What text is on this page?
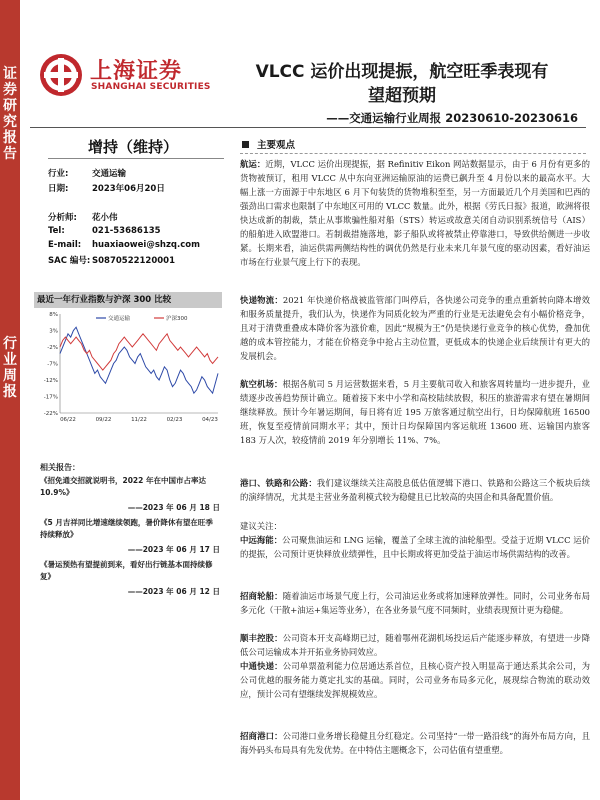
证
券
研
究
报
告
行
业
周
报
上海证券
SHANGHAI SECURITIES
VLCC 运价出现提振，航空旺季表现有
望超预期
——交通运输行业周报 20230610-20230616
增持（维持）
行业:	交通运输
日期:	2023年06月20日
分析师: 花小伟
Tel:	021-53686135
E-mail: huaxiaowei@shzq.com
SAC 编号: S0870522120001
最近一年行业指数与沪深 300 比较
8%
3%
-2%
-7%
-12%
-17%
-22%
06/22	09/22	11/22	02/23	04/23
交通运输	沪深300
相关报告：
《招免通交招就说明书，2022 年在中国市占率达 10.9%》
——2023 年 06 月 18 日
《5 月吉祥同比增速继续领跑，暑价降休有望在旺季持续释放》
——2023 年 06 月 17 日
《暑运预热有望提前到来，看好出行链基本面持续修复》
——2023 年 06 月 12 日
主要观点
航运：近期，VLCC 运价出现提振，据 Refinitiv Eikon 网站数据显示，由于 6 月份有更多的货物被预订，租用 VLCC 从中东向亚洲运输原油的运费已飙升至 4 月份以来的最高水平。大幅上涨一方面源于中东地区 6 月下旬装货的货物堆积至至，另一方面最近几个月美国和巴西的强劲出口需求也限制了中东地区可用的 VLCC 数量。此外，根据《劳氏日报》报道，欧洲将很快达成新的制裁，禁止从事欺骗性船对船（STS）转运或故意关闭自动识别系统信号（AIS）的船舶进入欧盟港口。若制裁措施落地，影子船队或将被禁止停靠港口，导致供给侧进一步收紧。长期来看，油运供需两侧结构性的调优仍然是行业未来几年景气度的驱动因素，看好油运市场在行业景气度上行下的表现。
快递物流：2021 年快递价格战被监管部门叫停后，各快递公司竞争的重点重新转向降本增效和服务质量提升，我们认为，快递作为同质化较为严重的行业是无法避免会有小幅价格竞争，且对于清费重叠成本降价客为涨价难，因此“规模为王”仍是快递行业竞争的核心优势，叠加优越的成本管控能力，才能在价格竞争中抢占主动位置，更低成本的快递企业后续预计有更大的发展机会。
航空机场：根据各航司 5 月运营数据来看，5 月主要航司收入和旅客周转量均一进步提升，业绩逐步改善趋势预计确立。随着接下来中小学和高校陆续放假，积压的旅游需求有望在暑期间继续释放。预计今年暑运期间，每日将有近 195 万旅客通过航空出行，日均保障航班 16500 班，恢复至疫情前同期水平；其中，预计日均保障国内客运航班 13600 班、运输国内旅客 183 万人次，较疫情前 2019 年分别增长 11%、7%。
港口、铁路和公路：我们建议继续关注高股息低估值逻辑下港口、铁路和公路这三个板块后续的演绎情况，尤其是主营业务盈利模式较为稳健且已比较高的央国企和具备配置价值。
建议关注：
中远海能：公司聚焦油运和 LNG 运输，覆盖了全球主流的油轮船型。受益于近期 VLCC 运价的提振，公司预计更快释放业绩弹性，且中长期或将更加受益于油运市场供需结构的改善。
招商轮船：随着油运市场景气度上行，公司油运业务或将加速释放弹性。同时，公司业务布局多元化（干散+油运+集运等业务），在各业务景气度不同频时，业绩表现预计更为稳健。
顺丰控股：公司资本开支高峰期已过，随着鄂州花湖机场投运后产能逐步释放，有望进一步降低公司运输成本并开拓业务协同效应。
中通快递：公司单票盈利能力位居通达系首位，且核心资产投入明显高于通达系其余公司，为公司优越的服务能力奠定扎实的基础。同时，公司业务布局多元化，展现综合物流的联动效应，预计公司有望继续发挥规模效应。
招商港口：公司港口业务增长稳健且分红稳定。公司坚持“一带一路沿线”的海外布局方向，且海外码头布局具有先发优势。在中特估主题概念下，公司估值有望重塑。
